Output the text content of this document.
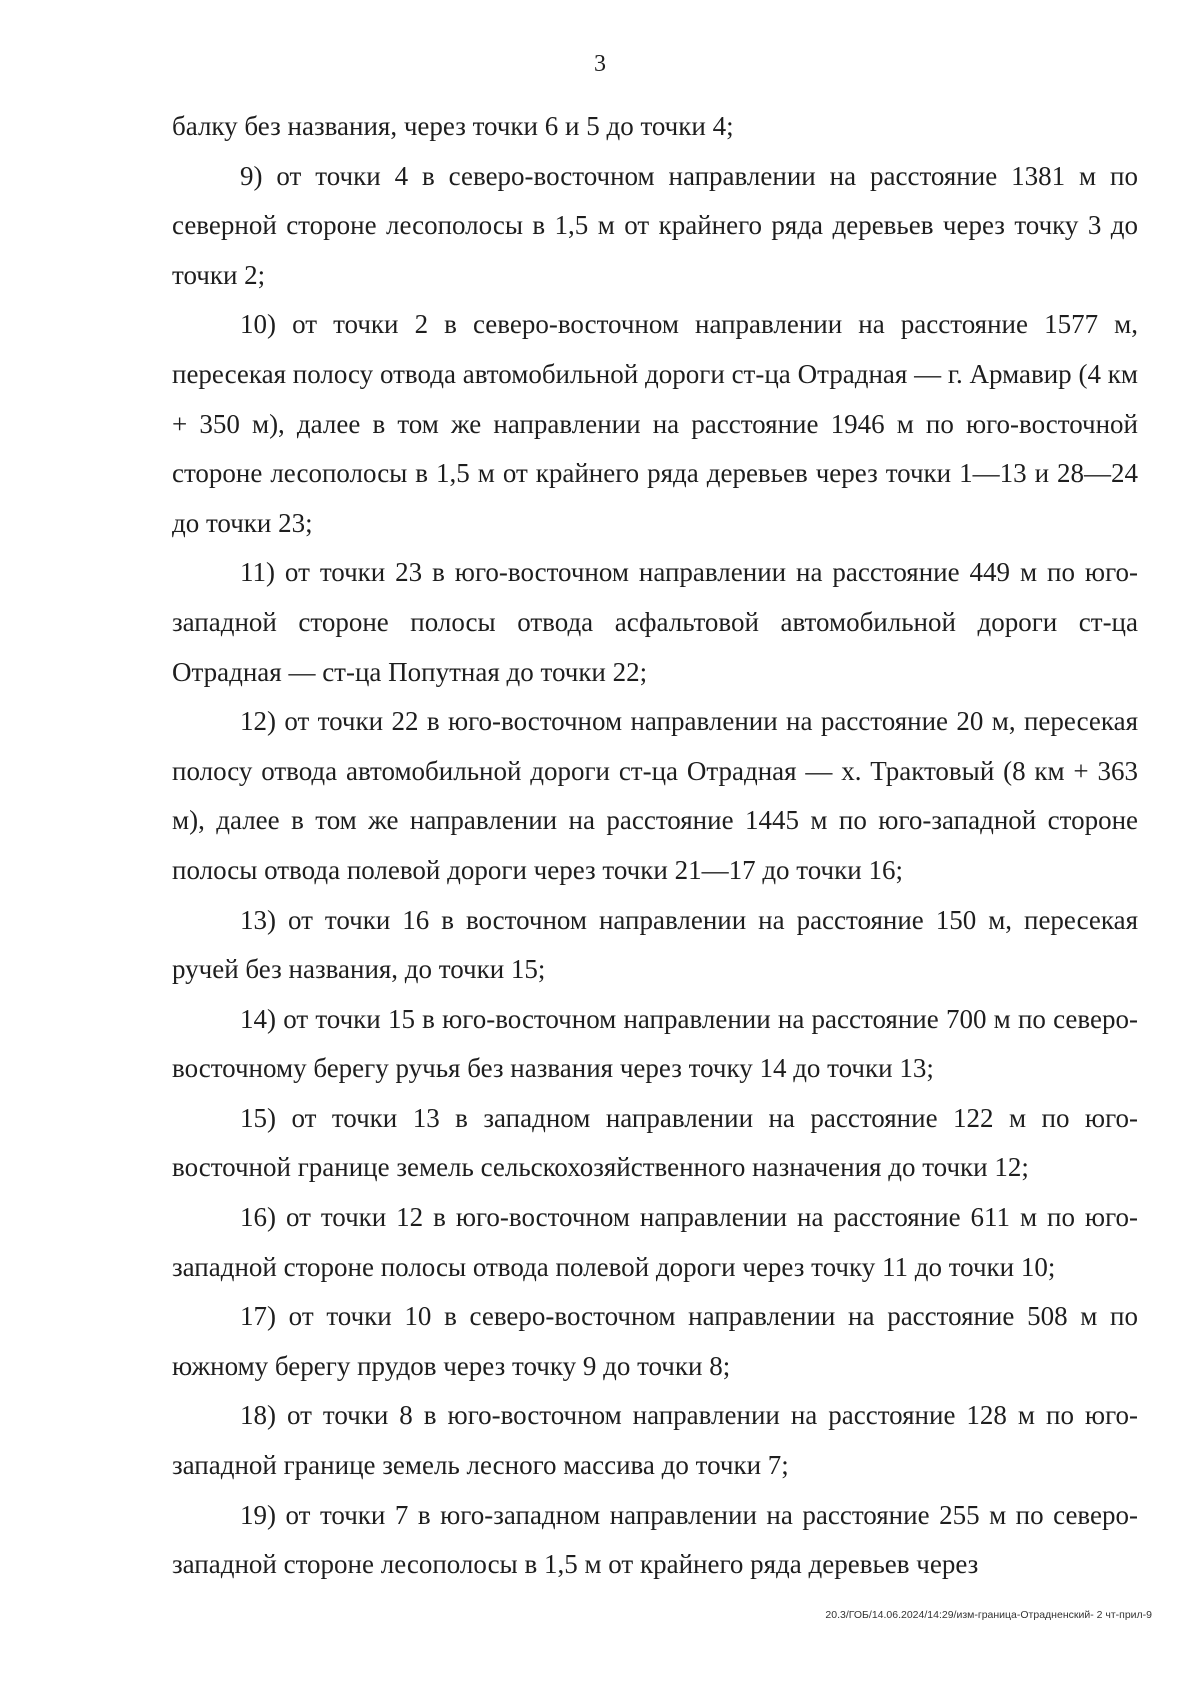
3

балку без названия, через точки 6 и 5 до точки 4;

9) от точки 4 в северо-восточном направлении на расстояние 1381 м по северной стороне лесополосы в 1,5 м от крайнего ряда деревьев через точку 3 до точки 2;

10) от точки 2 в северо-восточном направлении на расстояние 1577 м, пересекая полосу отвода автомобильной дороги ст-ца Отрадная — г. Армавир (4 км + 350 м), далее в том же направлении на расстояние 1946 м по юго-восточной стороне лесополосы в 1,5 м от крайнего ряда деревьев через точки 1—13 и 28—24 до точки 23;

11) от точки 23 в юго-восточном направлении на расстояние 449 м по юго-западной стороне полосы отвода асфальтовой автомобильной дороги ст-ца Отрадная — ст-ца Попутная до точки 22;

12) от точки 22 в юго-восточном направлении на расстояние 20 м, пересекая полосу отвода автомобильной дороги ст-ца Отрадная — х. Трактовый (8 км + 363 м), далее в том же направлении на расстояние 1445 м по юго-западной стороне полосы отвода полевой дороги через точки 21—17 до точки 16;

13) от точки 16 в восточном направлении на расстояние 150 м, пересекая ручей без названия, до точки 15;

14) от точки 15 в юго-восточном направлении на расстояние 700 м по северо-восточному берегу ручья без названия через точку 14 до точки 13;

15) от точки 13 в западном направлении на расстояние 122 м по юго-восточной границе земель сельскохозяйственного назначения до точки 12;

16) от точки 12 в юго-восточном направлении на расстояние 611 м по юго-западной стороне полосы отвода полевой дороги через точку 11 до точки 10;

17) от точки 10 в северо-восточном направлении на расстояние 508 м по южному берегу прудов через точку 9 до точки 8;

18) от точки 8 в юго-восточном направлении на расстояние 128 м по юго-западной границе земель лесного массива до точки 7;

19) от точки 7 в юго-западном направлении на расстояние 255 м по северо-западной стороне лесополосы в 1,5 м от крайнего ряда деревьев через

20.3/ГОБ/14.06.2024/14:29/изм-граница-Отрадненский- 2 чт-прил-9
